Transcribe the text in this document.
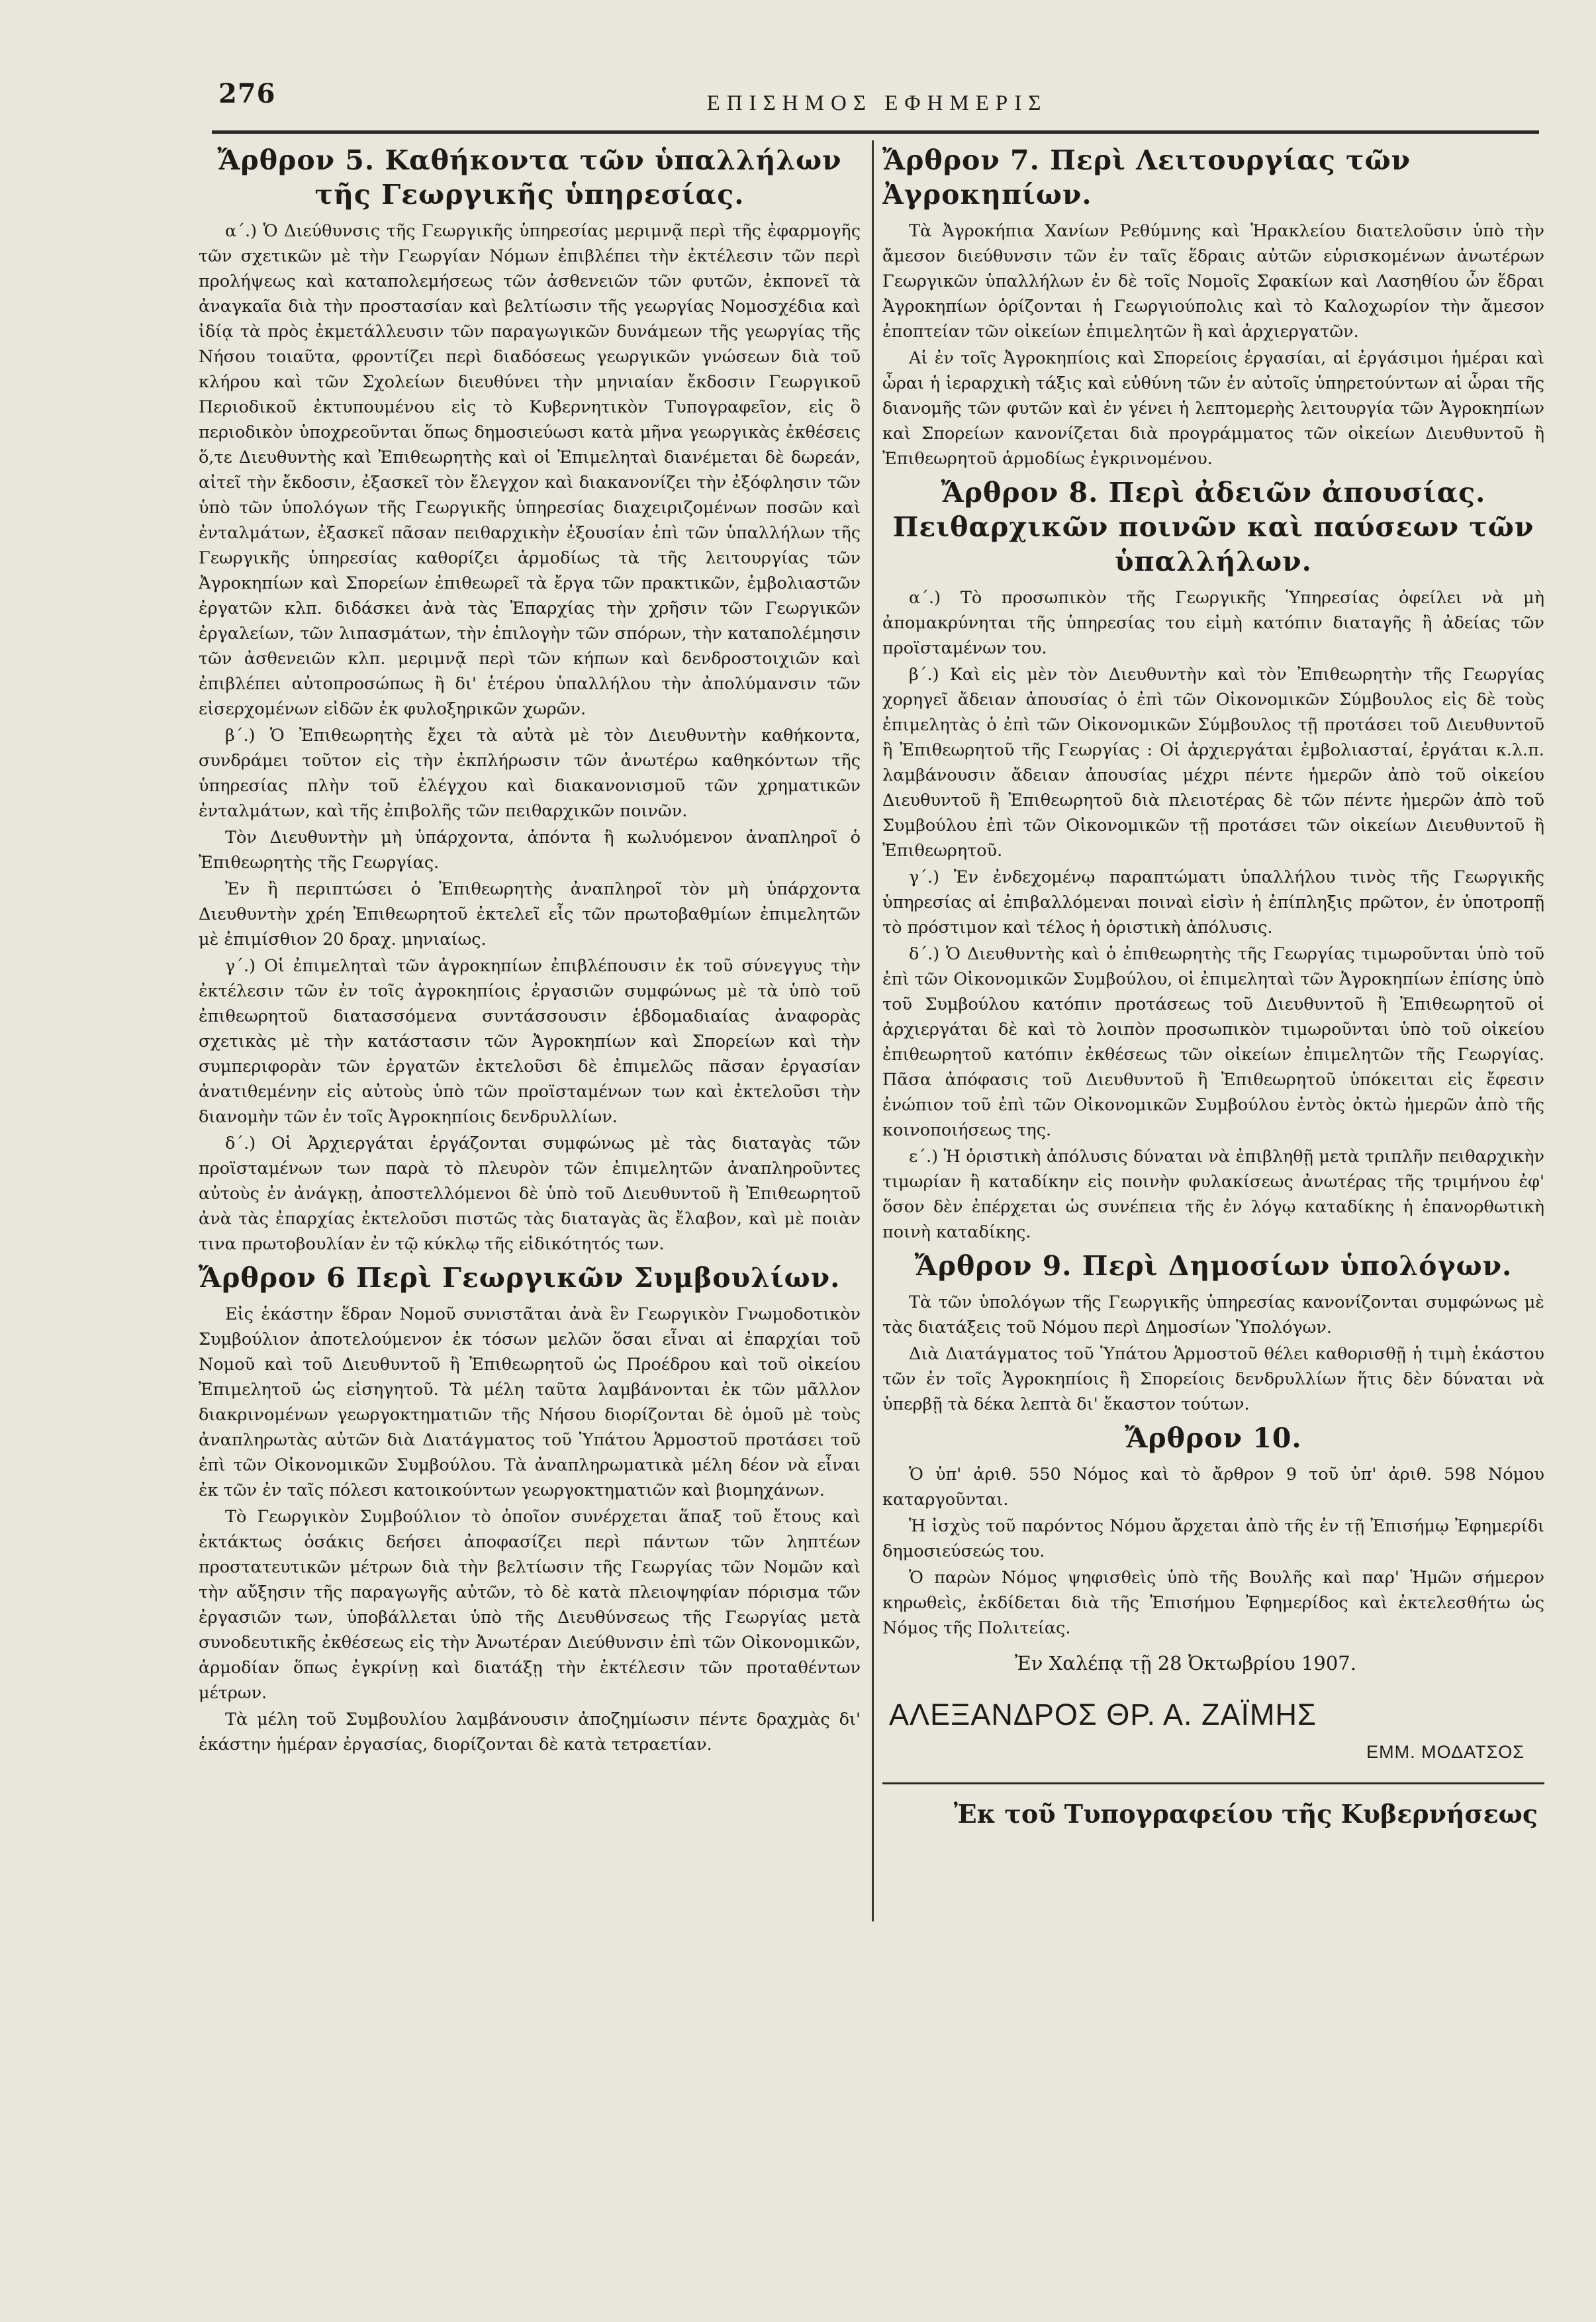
276	ΕΠΙΣΗΜΟΣ ΕΦΗΜΕΡΙΣ
Ἄρθρον 5. Καθήκοντα τῶν ὑπαλλήλων τῆς Γεωργικῆς ὑπηρεσίας.

α΄.) Ὁ Διεύθυνσις τῆς Γεωργικῆς ὑπηρεσίας μεριμνᾷ περὶ τῆς ἐφαρμογῆς τῶν σχετικῶν μὲ τὴν Γεωργίαν Νόμων ἐπιβλέπει τὴν ἐκτέλεσιν τῶν περὶ προλήψεως καὶ καταπολεμήσεως τῶν ἀσθενειῶν τῶν φυτῶν, ἐκπονεῖ τὰ ἀναγκαῖα διὰ τὴν προστασίαν καὶ βελτίωσιν τῆς γεωργίας Νομοσχέδια καὶ ἰδίᾳ τὰ πρὸς ἐκμετάλλευσιν τῶν παραγωγικῶν δυνάμεων τῆς γεωργίας τῆς Νήσου τοιαῦτα, φροντίζει περὶ διαδόσεως γεωργικῶν γνώσεων διὰ τοῦ κλήρου καὶ τῶν Σχολείων διευθύνει τὴν μηνιαίαν ἔκδοσιν Γεωργικοῦ Περιοδικοῦ ἐκτυπουμένου εἰς τὸ Κυβερνητικὸν Τυπογραφεῖον, εἰς ὃ περιοδικὸν ὑποχρεοῦνται ὅπως δημοσιεύωσι κατὰ μῆνα γεωργικὰς ἐκθέσεις ὅ,τε Διευθυντὴς καὶ Ἐπιθεωρητὴς καὶ οἱ Ἐπιμεληταὶ διανέμεται δὲ δωρεάν, αἰτεῖ τὴν ἔκδοσιν, ἐξασκεῖ τὸν ἔλεγχον καὶ διακανονίζει τὴν ἐξόφλησιν τῶν ὑπὸ τῶν ὑπολόγων τῆς Γεωργικῆς ὑπηρεσίας διαχειριζομένων ποσῶν καὶ ἐνταλμάτων, ἐξασκεῖ πᾶσαν πειθαρχικὴν ἐξουσίαν ἐπὶ τῶν ὑπαλλήλων τῆς Γεωργικῆς ὑπηρεσίας καθορίζει ἁρμοδίως τὰ τῆς λειτουργίας τῶν Ἀγροκηπίων καὶ Σπορείων ἐπιθεωρεῖ τὰ ἔργα τῶν πρακτικῶν, ἐμβολιαστῶν ἐργατῶν κλπ. διδάσκει ἀνὰ τὰς Ἐπαρχίας τὴν χρῆσιν τῶν Γεωργικῶν ἐργαλείων, τῶν λιπασμάτων, τὴν ἐπιλογὴν τῶν σπόρων, τὴν καταπολέμησιν τῶν ἀσθενειῶν κλπ. μεριμνᾷ περὶ τῶν κήπων καὶ δενδροστοιχιῶν καὶ ἐπιβλέπει αὐτοπροσώπως ἢ δι' ἑτέρου ὑπαλλήλου τὴν ἀπολύμανσιν τῶν εἰσερχομένων εἰδῶν ἐκ φυλοξηρικῶν χωρῶν.

β΄.) Ὁ Ἐπιθεωρητὴς ἔχει τὰ αὐτὰ μὲ τὸν Διευθυντὴν καθήκοντα, συνδράμει τοῦτον εἰς τὴν ἐκπλήρωσιν τῶν ἀνωτέρω καθηκόντων τῆς ὑπηρεσίας πλὴν τοῦ ἐλέγχου καὶ διακανονισμοῦ τῶν χρηματικῶν ἐνταλμάτων, καὶ τῆς ἐπιβολῆς τῶν πειθαρχικῶν ποινῶν.

Τὸν Διευθυντὴν μὴ ὑπάρχοντα, ἀπόντα ἢ κωλυόμενον ἀναπληροῖ ὁ Ἐπιθεωρητὴς τῆς Γεωργίας.

Ἐν ἢ περιπτώσει ὁ Ἐπιθεωρητὴς ἀναπληροῖ τὸν μὴ ὑπάρχοντα Διευθυντὴν χρέη Ἐπιθεωρητοῦ ἐκτελεῖ εἷς τῶν πρωτοβαθμίων ἐπιμελητῶν μὲ ἐπιμίσθιον 20 δραχ. μηνιαίως.

γ΄.) Οἱ ἐπιμεληταὶ τῶν ἀγροκηπίων ἐπιβλέπουσιν ἐκ τοῦ σύνεγγυς τὴν ἐκτέλεσιν τῶν ἐν τοῖς ἀγροκηπίοις ἐργασιῶν συμφώνως μὲ τὰ ὑπὸ τοῦ ἐπιθεωρητοῦ διατασσόμενα συντάσσουσιν ἑβδομαδιαίας ἀναφορὰς σχετικὰς μὲ τὴν κατάστασιν τῶν Ἀγροκηπίων καὶ Σπορείων καὶ τὴν συμπεριφορὰν τῶν ἐργατῶν ἐκτελοῦσι δὲ ἐπιμελῶς πᾶσαν ἐργασίαν ἀνατιθεμένην εἰς αὐτοὺς ὑπὸ τῶν προϊσταμένων των καὶ ἐκτελοῦσι τὴν διανομὴν τῶν ἐν τοῖς Ἀγροκηπίοις δενδρυλλίων.

δ΄.) Οἱ Ἀρχιεργάται ἐργάζονται συμφώνως μὲ τὰς διαταγὰς τῶν προϊσταμένων των παρὰ τὸ πλευρὸν τῶν ἐπιμελητῶν ἀναπληροῦντες αὐτοὺς ἐν ἀνάγκῃ, ἀποστελλόμενοι δὲ ὑπὸ τοῦ Διευθυντοῦ ἢ Ἐπιθεωρητοῦ ἀνὰ τὰς ἐπαρχίας ἐκτελοῦσι πιστῶς τὰς διαταγὰς ἃς ἔλαβον, καὶ μὲ ποιὰν τινα πρωτοβουλίαν ἐν τῷ κύκλῳ τῆς εἰδικότητός των.

Ἄρθρον 6 Περὶ Γεωργικῶν Συμβουλίων.

Εἰς ἑκάστην ἕδραν Νομοῦ συνιστᾶται ἀνὰ ἓν Γεωργικὸν Γνωμοδοτικὸν Συμβούλιον ἀποτελούμενον ἐκ τόσων μελῶν ὅσαι εἶναι αἱ ἐπαρχίαι τοῦ Νομοῦ καὶ τοῦ Διευθυντοῦ ἢ Ἐπιθεωρητοῦ ὡς Προέδρου καὶ τοῦ οἰκείου Ἐπιμελητοῦ ὡς εἰσηγητοῦ. Τὰ μέλη ταῦτα λαμβάνονται ἐκ τῶν μᾶλλον διακρινομένων γεωργοκτηματιῶν τῆς Νήσου διορίζονται δὲ ὁμοῦ μὲ τοὺς ἀναπληρωτὰς αὐτῶν διὰ Διατάγματος τοῦ Ὑπάτου Ἁρμοστοῦ προτάσει τοῦ ἐπὶ τῶν Οἰκονομικῶν Συμβούλου. Τὰ ἀναπληρωματικὰ μέλη δέον νὰ εἶναι ἐκ τῶν ἐν ταῖς πόλεσι κατοικούντων γεωργοκτηματιῶν καὶ βιομηχάνων.

Τὸ Γεωργικὸν Συμβούλιον τὸ ὁποῖον συνέρχεται ἅπαξ τοῦ ἔτους καὶ ἐκτάκτως ὁσάκις δεήσει ἀποφασίζει περὶ πάντων τῶν ληπτέων προστατευτικῶν μέτρων διὰ τὴν βελτίωσιν τῆς Γεωργίας τῶν Νομῶν καὶ τὴν αὔξησιν τῆς παραγωγῆς αὐτῶν, τὸ δὲ κατὰ πλειοψηφίαν πόρισμα τῶν ἐργασιῶν των, ὑποβάλλεται ὑπὸ τῆς Διευθύνσεως τῆς Γεωργίας μετὰ συνοδευτικῆς ἐκθέσεως εἰς τὴν Ἀνωτέραν Διεύθυνσιν ἐπὶ τῶν Οἰκονομικῶν, ἁρμοδίαν ὅπως ἐγκρίνῃ καὶ διατάξῃ τὴν ἐκτέλεσιν τῶν προταθέντων μέτρων.

Τὰ μέλη τοῦ Συμβουλίου λαμβάνουσιν ἀποζημίωσιν πέντε δραχμὰς δι' ἑκάστην ἡμέραν ἐργασίας, διορίζονται δὲ κατὰ τετραετίαν.

Ἄρθρον 7. Περὶ Λειτουργίας τῶν Ἀγροκηπίων.

Τὰ Ἀγροκήπια Χανίων Ρεθύμνης καὶ Ἡρακλείου διατελοῦσιν ὑπὸ τὴν ἄμεσον διεύθυνσιν τῶν ἐν ταῖς ἕδραις αὐτῶν εὑρισκομένων ἀνωτέρων Γεωργικῶν ὑπαλλήλων ἐν δὲ τοῖς Νομοῖς Σφακίων καὶ Λασηθίου ὧν ἕδραι Ἀγροκηπίων ὁρίζονται ἡ Γεωργιούπολις καὶ τὸ Καλοχωρίον τὴν ἄμεσον ἐποπτείαν τῶν οἰκείων ἐπιμελητῶν ἢ καὶ ἀρχιεργατῶν.

Αἱ ἐν τοῖς Ἀγροκηπίοις καὶ Σπορείοις ἐργασίαι, αἱ ἐργάσιμοι ἡμέραι καὶ ὧραι ἡ ἱεραρχικὴ τάξις καὶ εὐθύνη τῶν ἐν αὐτοῖς ὑπηρετούντων αἱ ὧραι τῆς διανομῆς τῶν φυτῶν καὶ ἐν γένει ἡ λεπτομερὴς λειτουργία τῶν Ἀγροκηπίων καὶ Σπορείων κανονίζεται διὰ προγράμματος τῶν οἰκείων Διευθυντοῦ ἢ Ἐπιθεωρητοῦ ἁρμοδίως ἐγκρινομένου.

Ἄρθρον 8. Περὶ ἀδειῶν ἀπουσίας. Πειθαρχικῶν ποινῶν καὶ παύσεων τῶν ὑπαλλήλων.

α΄.) Τὸ προσωπικὸν τῆς Γεωργικῆς Ὑπηρεσίας ὀφείλει νὰ μὴ ἀπομακρύνηται τῆς ὑπηρεσίας του εἰμὴ κατόπιν διαταγῆς ἢ ἀδείας τῶν προϊσταμένων του.

β΄.) Καὶ εἰς μὲν τὸν Διευθυντὴν καὶ τὸν Ἐπιθεωρητὴν τῆς Γεωργίας χορηγεῖ ἄδειαν ἀπουσίας ὁ ἐπὶ τῶν Οἰκονομικῶν Σύμβουλος εἰς δὲ τοὺς ἐπιμελητὰς ὁ ἐπὶ τῶν Οἰκονομικῶν Σύμβουλος τῇ προτάσει τοῦ Διευθυντοῦ ἢ Ἐπιθεωρητοῦ τῆς Γεωργίας : Οἱ ἀρχιεργάται ἐμβολιασταί, ἐργάται κ.λ.π. λαμβάνουσιν ἄδειαν ἀπουσίας μέχρι πέντε ἡμερῶν ἀπὸ τοῦ οἰκείου Διευθυντοῦ ἢ Ἐπιθεωρητοῦ διὰ πλειοτέρας δὲ τῶν πέντε ἡμερῶν ἀπὸ τοῦ Συμβούλου ἐπὶ τῶν Οἰκονομικῶν τῇ προτάσει τῶν οἰκείων Διευθυντοῦ ἢ Ἐπιθεωρητοῦ.

γ΄.) Ἐν ἐνδεχομένῳ παραπτώματι ὑπαλλήλου τινὸς τῆς Γεωργικῆς ὑπηρεσίας αἱ ἐπιβαλλόμεναι ποιναὶ εἰσὶν ἡ ἐπίπληξις πρῶτον, ἐν ὑποτροπῇ τὸ πρόστιμον καὶ τέλος ἡ ὁριστικὴ ἀπόλυσις.

δ΄.) Ὁ Διευθυντὴς καὶ ὁ ἐπιθεωρητὴς τῆς Γεωργίας τιμωροῦνται ὑπὸ τοῦ ἐπὶ τῶν Οἰκονομικῶν Συμβούλου, οἱ ἐπιμεληταὶ τῶν Ἀγροκηπίων ἐπίσης ὑπὸ τοῦ Συμβούλου κατόπιν προτάσεως τοῦ Διευθυντοῦ ἢ Ἐπιθεωρητοῦ οἱ ἀρχιεργάται δὲ καὶ τὸ λοιπὸν προσωπικὸν τιμωροῦνται ὑπὸ τοῦ οἰκείου ἐπιθεωρητοῦ κατόπιν ἐκθέσεως τῶν οἰκείων ἐπιμελητῶν τῆς Γεωργίας. Πᾶσα ἀπόφασις τοῦ Διευθυντοῦ ἢ Ἐπιθεωρητοῦ ὑπόκειται εἰς ἔφεσιν ἐνώπιον τοῦ ἐπὶ τῶν Οἰκονομικῶν Συμβούλου ἐντὸς ὀκτὼ ἡμερῶν ἀπὸ τῆς κοινοποιήσεως της.

ε΄.) Ἡ ὁριστικὴ ἀπόλυσις δύναται νὰ ἐπιβληθῇ μετὰ τριπλῆν πειθαρχικὴν τιμωρίαν ἢ καταδίκην εἰς ποινὴν φυλακίσεως ἀνωτέρας τῆς τριμήνου ἐφ' ὅσον δὲν ἐπέρχεται ὡς συνέπεια τῆς ἐν λόγῳ καταδίκης ἡ ἐπανορθωτικὴ ποινὴ καταδίκης.

Ἄρθρον 9. Περὶ Δημοσίων ὑπολόγων.

Τὰ τῶν ὑπολόγων τῆς Γεωργικῆς ὑπηρεσίας κανονίζονται συμφώνως μὲ τὰς διατάξεις τοῦ Νόμου περὶ Δημοσίων Ὑπολόγων.

Διὰ Διατάγματος τοῦ Ὑπάτου Ἁρμοστοῦ θέλει καθορισθῇ ἡ τιμὴ ἑκάστου τῶν ἐν τοῖς Ἀγροκηπίοις ἢ Σπορείοις δενδρυλλίων ἥτις δὲν δύναται νὰ ὑπερβῇ τὰ δέκα λεπτὰ δι' ἕκαστον τούτων.

Ἄρθρον 10.

Ὁ ὑπ' ἀριθ. 550 Νόμος καὶ τὸ ἄρθρον 9 τοῦ ὑπ' ἀριθ. 598 Νόμου καταργοῦνται.

Ἡ ἰσχὺς τοῦ παρόντος Νόμου ἄρχεται ἀπὸ τῆς ἐν τῇ Ἐπισήμῳ Ἐφημερίδι δημοσιεύσεώς του.

Ὁ παρὼν Νόμος ψηφισθεὶς ὑπὸ τῆς Βουλῆς καὶ παρ' Ἡμῶν σήμερον κηρωθεὶς, ἐκδίδεται διὰ τῆς Ἐπισήμου Ἐφημερίδος καὶ ἐκτελεσθήτω ὡς Νόμος τῆς Πολιτείας.

Ἐν Χαλέπᾳ τῇ 28 Ὀκτωβρίου 1907.
ΑΛΕΞΑΝΔΡΟΣ ΘΡ. Α. ΖΑΪΜΗΣ
ΕΜΜ. ΜΟΔΑΤΣΟΣ
Ἐκ τοῦ Τυπογραφείου τῆς Κυβερνήσεως
